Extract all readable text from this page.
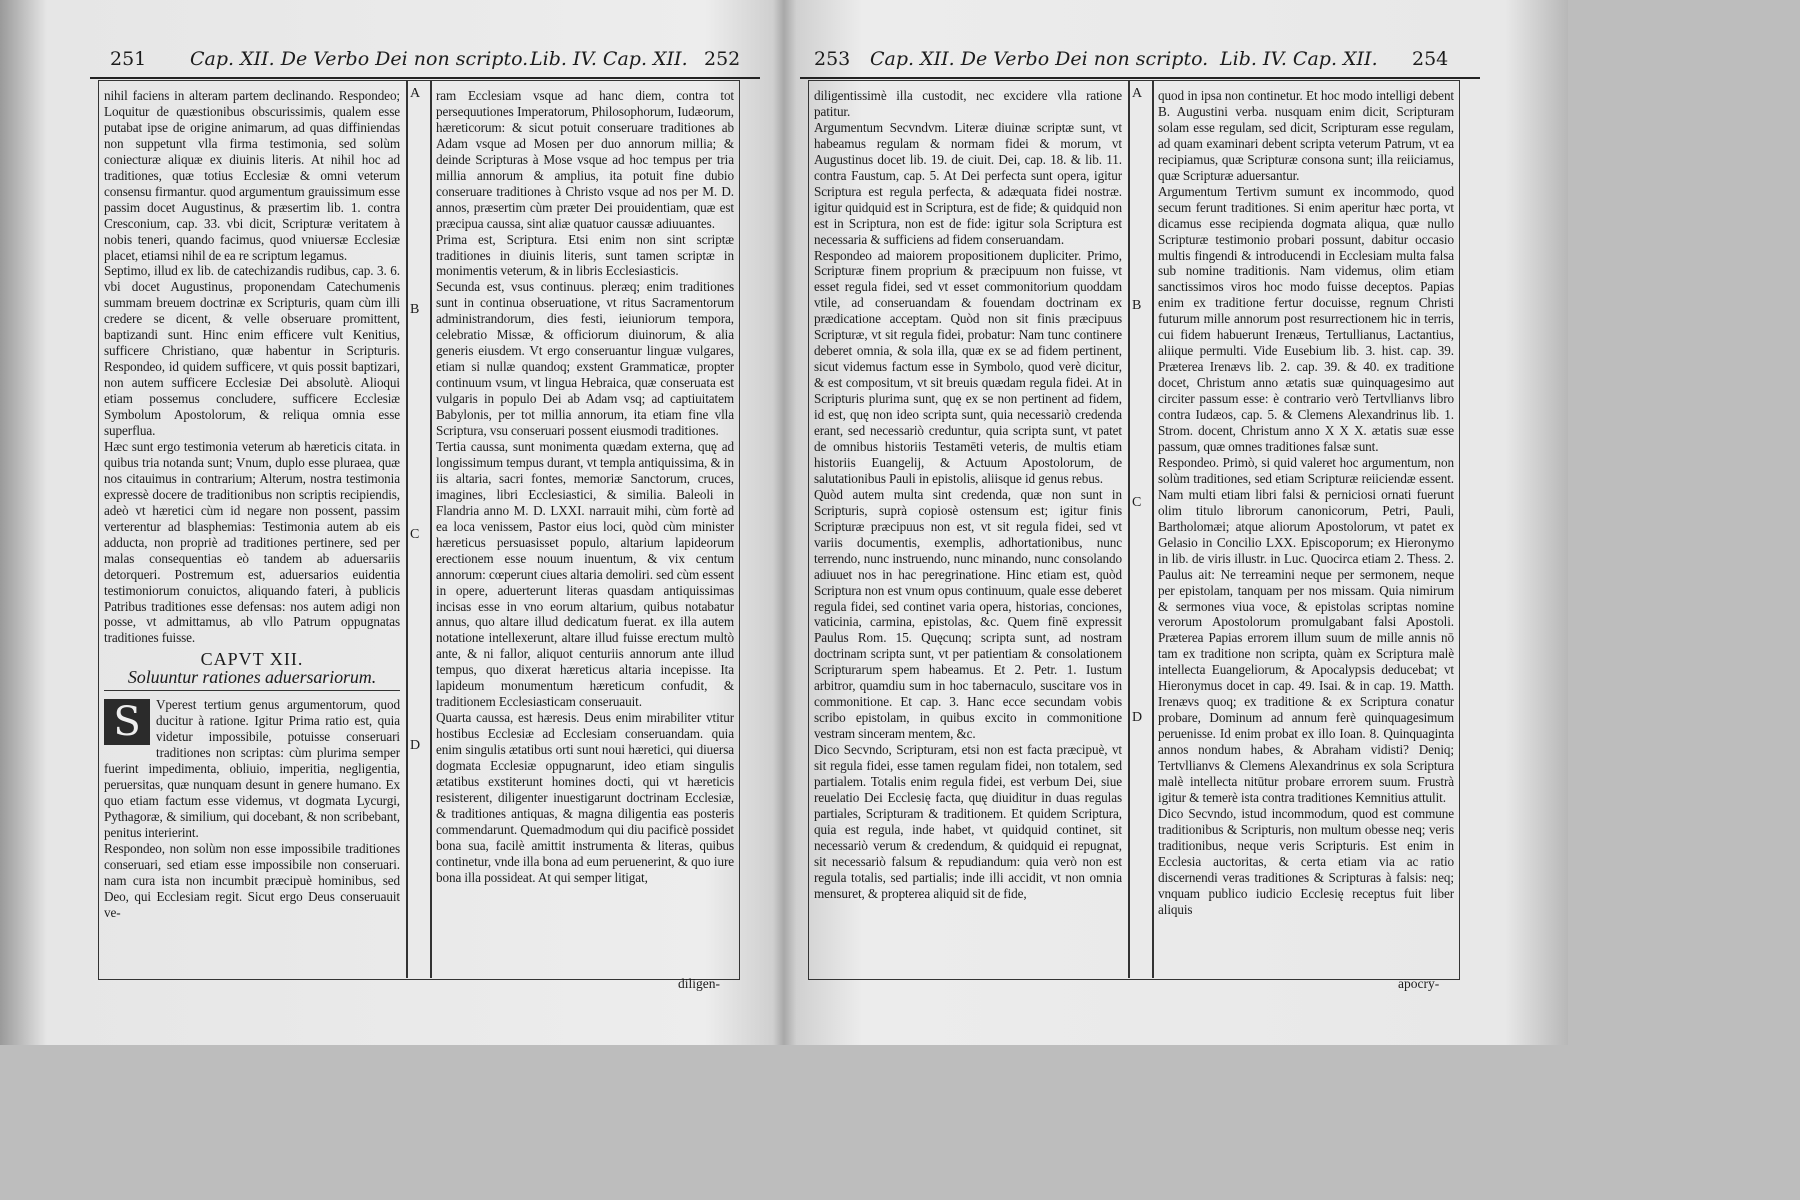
251 Cap. XII. De Verbo Dei non scripto. Lib. IV. Cap. XII. 252
A
B
C
D

nihil faciens in alteram partem declinando. Respondeo; Loquitur de quæstionibus obscurissimis, qualem esse putabat ipse de origine animarum, ad quas diffiniendas non suppetunt vlla firma testimonia, sed solùm coniecturæ aliquæ ex diuinis literis. At nihil hoc ad traditiones, quæ totius Ecclesiæ & omni veterum consensu firmantur. quod argumentum grauissimum esse passim docet Augustinus, & præsertim lib. 1. contra Cresconium, cap. 33. vbi dicit, Scripturæ veritatem à nobis teneri, quando facimus, quod vniuersæ Ecclesiæ placet, etiamsi nihil de ea re scriptum legamus.

Septimo, illud ex lib. de catechizandis rudibus, cap. 3. 6. vbi docet Augustinus, proponendam Catechumenis summam breuem doctrinæ ex Scripturis, quam cùm illi credere se dicent, & velle obseruare promittent, baptizandi sunt. Hinc enim efficere vult Kenitius, sufficere Christiano, quæ habentur in Scripturis. Respondeo, id quidem sufficere, vt quis possit baptizari, non autem sufficere Ecclesiæ Dei absolutè. Alioqui etiam possemus concludere, sufficere Ecclesiæ Symbolum Apostolorum, & reliqua omnia esse superflua.

Hæc sunt ergo testimonia veterum ab hæreticis citata. in quibus tria notanda sunt; Vnum, duplo esse pluraea, quæ nos citauimus in contrarium; Alterum, nostra testimonia expressè docere de traditionibus non scriptis recipiendis, adeò vt hæretici cùm id negare non possent, passim verterentur ad blasphemias: Testimonia autem ab eis adducta, non propriè ad traditiones pertinere, sed per malas consequentias eò tandem ab aduersariis detorqueri. Postremum est, aduersarios euidentia testimoniorum conuictos, aliquando fateri, à publicis Patribus traditiones esse defensas: nos autem adigi non posse, vt admittamus, ab vllo Patrum oppugnatas traditiones fuisse.

CAPVT XII.
Soluuntur rationes aduersariorum.
S	Vperest tertium genus argumentorum, quod ducitur à ratione. Igitur Prima ratio est, quia videtur impossibile, potuisse conseruari traditiones non scriptas: cùm plurima semper fuerint impedimenta, obliuio, imperitia, negligentia, peruersitas, quæ nunquam desunt in genere humano. Ex quo etiam factum esse videmus, vt dogmata Lycurgi, Pythagoræ, & similium, qui docebant, & non scribebant, penitus interierint.

Respondeo, non solùm non esse impossibile traditiones conseruari, sed etiam esse impossibile non conseruari. nam cura ista non incumbit præcipuè hominibus, sed Deo, qui Ecclesiam regit. Sicut ergo Deus conseruauit ve-

ram Ecclesiam vsque ad hanc diem, contra tot persequutiones Imperatorum, Philosophorum, Iudæorum, hæreticorum: & sicut potuit conseruare traditiones ab Adam vsque ad Mosen per duo annorum millia; & deinde Scripturas à Mose vsque ad hoc tempus per tria millia annorum & amplius, ita potuit fine dubio conseruare traditiones à Christo vsque ad nos per M. D. annos, præsertim cùm præter Dei prouidentiam, quæ est præcipua caussa, sint aliæ quatuor caussæ adiuuantes.

Prima est, Scriptura. Etsi enim non sint scriptæ traditiones in diuinis literis, sunt tamen scriptæ in monimentis veterum, & in libris Ecclesiasticis.

Secunda est, vsus continuus. pleræq; enim traditiones sunt in continua obseruatione, vt ritus Sacramentorum administrandorum, dies festi, ieiuniorum tempora, celebratio Missæ, & officiorum diuinorum, & alia generis eiusdem. Vt ergo conseruantur linguæ vulgares, etiam si nullæ quandoq; exstent Grammaticæ, propter continuum vsum, vt lingua Hebraica, quæ conseruata est vulgaris in populo Dei ab Adam vsq; ad captiuitatem Babylonis, per tot millia annorum, ita etiam fine vlla Scriptura, vsu conseruari possent eiusmodi traditiones.

Tertia caussa, sunt monimenta quædam externa, quę ad longissimum tempus durant, vt templa antiquissima, & in iis altaria, sacri fontes, memoriæ Sanctorum, cruces, imagines, libri Ecclesiastici, & similia. Baleoli in Flandria anno M. D. LXXI. narrauit mihi, cùm fortè ad ea loca venissem, Pastor eius loci, quòd cùm minister hæreticus persuasisset populo, altarium lapideorum erectionem esse nouum inuentum, & vix centum annorum: cœperunt ciues altaria demoliri. sed cùm essent in opere, aduerterunt literas quasdam antiquissimas incisas esse in vno eorum altarium, quibus notabatur annus, quo altare illud dedicatum fuerat. ex illa autem notatione intellexerunt, altare illud fuisse erectum multò ante, & ni fallor, aliquot centuriis annorum ante illud tempus, quo dixerat hæreticus altaria incepisse. Ita lapideum monumentum hæreticum confudit, & traditionem Ecclesiasticam conseruauit.

Quarta caussa, est hæresis. Deus enim mirabiliter vtitur hostibus Ecclesiæ ad Ecclesiam conseruandam. quia enim singulis ætatibus orti sunt noui hæretici, qui diuersa dogmata Ecclesiæ oppugnarunt, ideo etiam singulis ætatibus exstiterunt homines docti, qui vt hæreticis resisterent, diligenter inuestigarunt doctrinam Ecclesiæ, & traditiones antiquas, & magna diligentia eas posteris commendarunt. Quemadmodum qui diu pacificè possidet bona sua, facilè amittit instrumenta & literas, quibus continetur, vnde illa bona ad eum peruenerint, & quo iure bona illa possideat. At qui semper litigat,

diligen-
253 Cap. XII. De Verbo Dei non scripto. Lib. IV. Cap. XII. 254
A
B
C
D

diligentissimè illa custodit, nec excidere vlla ratione patitur.

Argumentum Secvndvm. Literæ diuinæ scriptæ sunt, vt habeamus regulam & normam fidei & morum, vt Augustinus docet lib. 19. de ciuit. Dei, cap. 18. & lib. 11. contra Faustum, cap. 5. At Dei perfecta sunt opera, igitur Scriptura est regula perfecta, & adæquata fidei nostræ. igitur quidquid est in Scriptura, est de fide; & quidquid non est in Scriptura, non est de fide: igitur sola Scriptura est necessaria & sufficiens ad fidem conseruandam.

Respondeo ad maiorem propositionem dupliciter. Primo, Scripturæ finem proprium & præcipuum non fuisse, vt esset regula fidei, sed vt esset commonitorium quoddam vtile, ad conseruandam & fouendam doctrinam ex prædicatione acceptam. Quòd non sit finis præcipuus Scripturæ, vt sit regula fidei, probatur: Nam tunc continere deberet omnia, & sola illa, quæ ex se ad fidem pertinent, sicut videmus factum esse in Symbolo, quod verè dicitur, & est compositum, vt sit breuis quædam regula fidei. At in Scripturis plurima sunt, quę ex se non pertinent ad fidem, id est, quę non ideo scripta sunt, quia necessariò credenda erant, sed necessariò creduntur, quia scripta sunt, vt patet de omnibus historiis Testamēti veteris, de multis etiam historiis Euangelij, & Actuum Apostolorum, de salutationibus Pauli in epistolis, aliisque id genus rebus.

Quòd autem multa sint credenda, quæ non sunt in Scripturis, suprà copiosè ostensum est; igitur finis Scripturæ præcipuus non est, vt sit regula fidei, sed vt variis documentis, exemplis, adhortationibus, nunc terrendo, nunc instruendo, nunc minando, nunc consolando adiuuet nos in hac peregrinatione. Hinc etiam est, quòd Scriptura non est vnum opus continuum, quale esse deberet regula fidei, sed continet varia opera, historias, conciones, vaticinia, carmina, epistolas, &c. Quem finē expressit Paulus Rom. 15. Quęcunq; scripta sunt, ad nostram doctrinam scripta sunt, vt per patientiam & consolationem Scripturarum spem habeamus. Et 2. Petr. 1. Iustum arbitror, quamdiu sum in hoc tabernaculo, suscitare vos in commonitione. Et cap. 3. Hanc ecce secundam vobis scribo epistolam, in quibus excito in commonitione vestram sinceram mentem, &c.

Dico Secvndo, Scripturam, etsi non est facta præcipuè, vt sit regula fidei, esse tamen regulam fidei, non totalem, sed partialem. Totalis enim regula fidei, est verbum Dei, siue reuelatio Dei Ecclesię facta, quę diuiditur in duas regulas partiales, Scripturam & traditionem. Et quidem Scriptura, quia est regula, inde habet, vt quidquid continet, sit necessariò verum & credendum, & quidquid ei repugnat, sit necessariò falsum & repudiandum: quia verò non est regula totalis, sed partialis; inde illi accidit, vt non omnia mensuret, & propterea aliquid sit de fide,

quod in ipsa non continetur. Et hoc modo intelligi debent B. Augustini verba. nusquam enim dicit, Scripturam solam esse regulam, sed dicit, Scripturam esse regulam, ad quam examinari debent scripta veterum Patrum, vt ea recipiamus, quæ Scripturæ consona sunt; illa reiiciamus, quæ Scripturæ aduersantur.

Argumentum Tertivm sumunt ex incommodo, quod secum ferunt traditiones. Si enim aperitur hæc porta, vt dicamus esse recipienda dogmata aliqua, quæ nullo Scripturæ testimonio probari possunt, dabitur occasio multis fingendi & introducendi in Ecclesiam multa falsa sub nomine traditionis. Nam videmus, olim etiam sanctissimos viros hoc modo fuisse deceptos. Papias enim ex traditione fertur docuisse, regnum Christi futurum mille annorum post resurrectionem hic in terris, cui fidem habuerunt Irenæus, Tertullianus, Lactantius, aliique permulti. Vide Eusebium lib. 3. hist. cap. 39. Præterea Irenævs lib. 2. cap. 39. & 40. ex traditione docet, Christum anno ætatis suæ quinquagesimo aut circiter passum esse: è contrario verò Tertvllianvs libro contra Iudæos, cap. 5. & Clemens Alexandrinus lib. 1. Strom. docent, Christum anno X X X. ætatis suæ esse passum, quæ omnes traditiones falsæ sunt.

Respondeo. Primò, si quid valeret hoc argumentum, non solùm traditiones, sed etiam Scripturæ reiiciendæ essent. Nam multi etiam libri falsi & perniciosi ornati fuerunt olim titulo librorum canonicorum, Petri, Pauli, Bartholomæi; atque aliorum Apostolorum, vt patet ex Gelasio in Concilio LXX. Episcoporum; ex Hieronymo in lib. de viris illustr. in Luc. Quocirca etiam 2. Thess. 2. Paulus ait: Ne terreamini neque per sermonem, neque per epistolam, tanquam per nos missam. Quia nimirum & sermones viua voce, & epistolas scriptas nomine verorum Apostolorum promulgabant falsi Apostoli. Præterea Papias errorem illum suum de mille annis nō tam ex traditione non scripta, quàm ex Scriptura malè intellecta Euangeliorum, & Apocalypsis deducebat; vt Hieronymus docet in cap. 49. Isai. & in cap. 19. Matth. Irenævs quoq; ex traditione & ex Scriptura conatur probare, Dominum ad annum ferè quinquagesimum peruenisse. Id enim probat ex illo Ioan. 8. Quinquaginta annos nondum habes, & Abraham vidisti? Deniq; Tertvllianvs & Clemens Alexandrinus ex sola Scriptura malè intellecta nitūtur probare errorem suum. Frustrà igitur & temerè ista contra traditiones Kemnitius attulit.

Dico Secvndo, istud incommodum, quod est commune traditionibus & Scripturis, non multum obesse neq; veris traditionibus, neque veris Scripturis. Est enim in Ecclesia auctoritas, & certa etiam via ac ratio discernendi veras traditiones & Scripturas à falsis: neq; vnquam publico iudicio Ecclesię receptus fuit liber aliquis

apocry-
